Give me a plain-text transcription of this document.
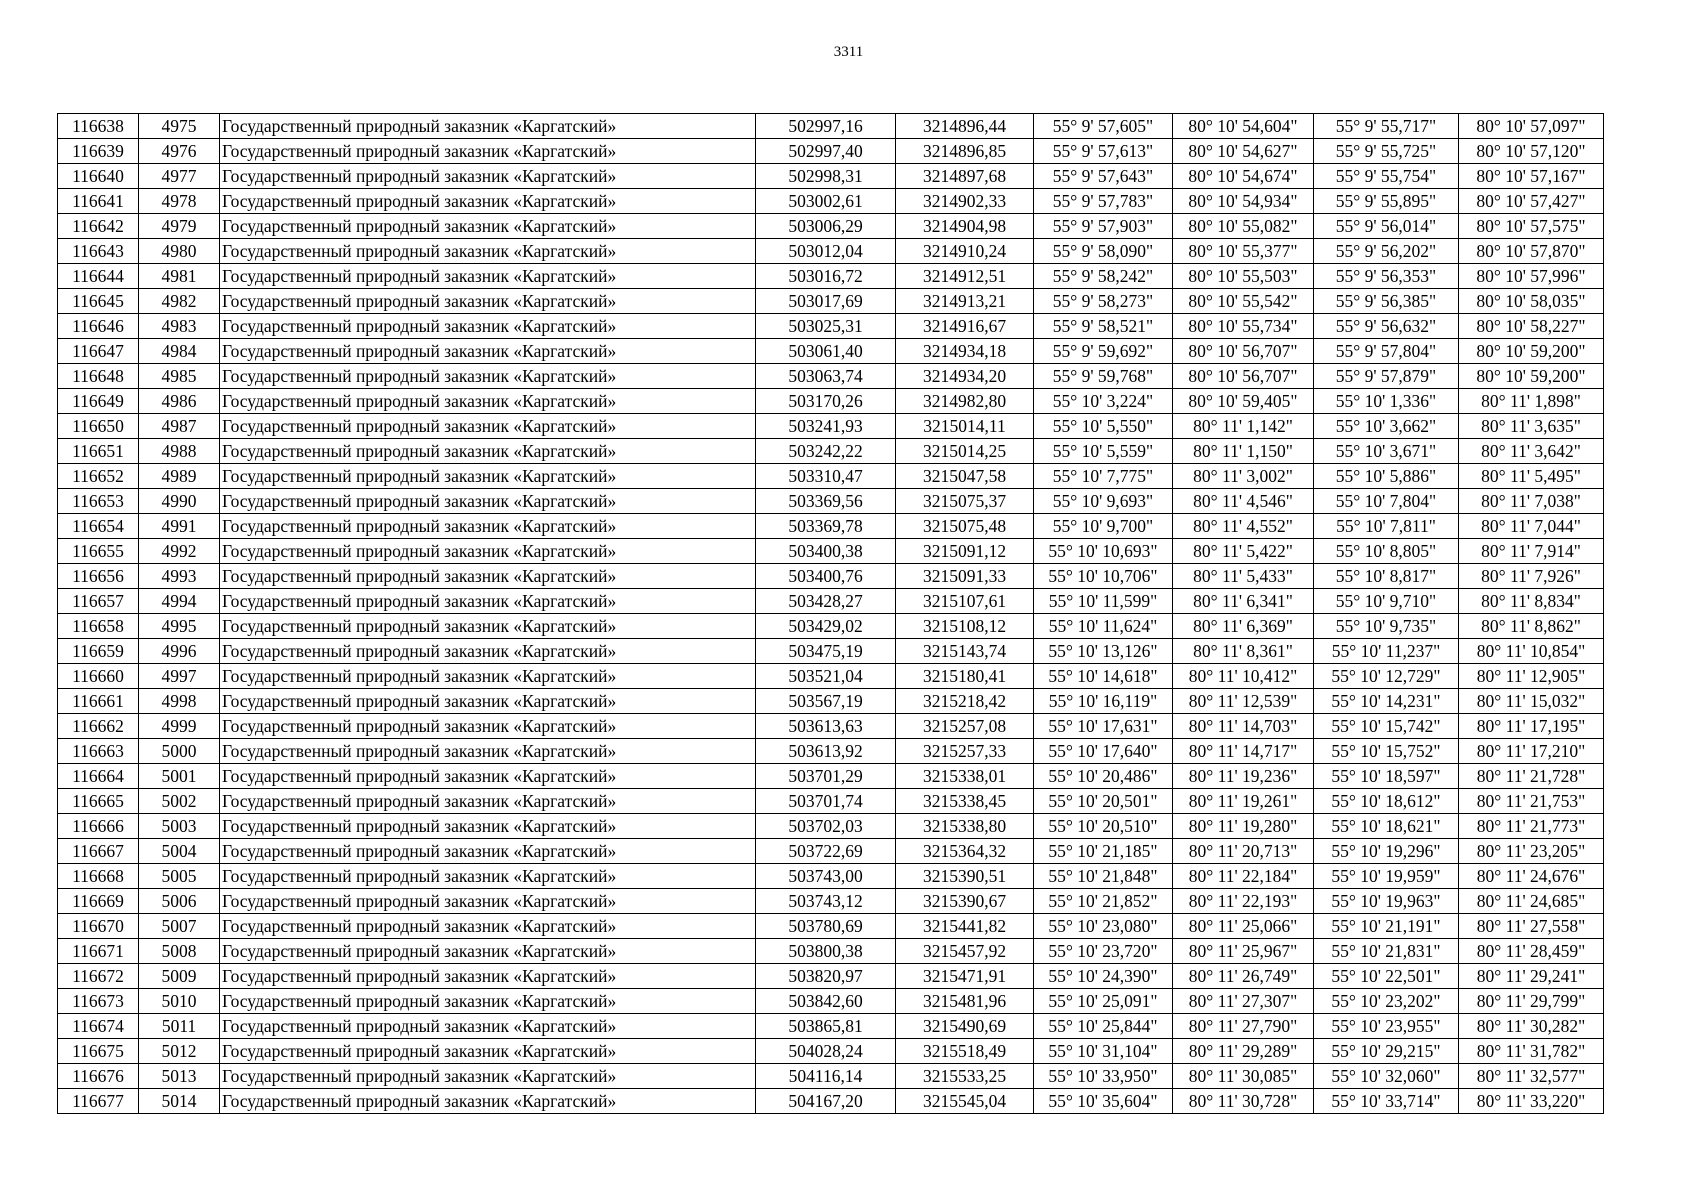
3311
116638	4975	Государственный природный заказник «Каргатский»	502997,16	3214896,44	55° 9' 57,605"	80° 10' 54,604"	55° 9' 55,717"	80° 10' 57,097"
116639	4976	Государственный природный заказник «Каргатский»	502997,40	3214896,85	55° 9' 57,613"	80° 10' 54,627"	55° 9' 55,725"	80° 10' 57,120"
116640	4977	Государственный природный заказник «Каргатский»	502998,31	3214897,68	55° 9' 57,643"	80° 10' 54,674"	55° 9' 55,754"	80° 10' 57,167"
116641	4978	Государственный природный заказник «Каргатский»	503002,61	3214902,33	55° 9' 57,783"	80° 10' 54,934"	55° 9' 55,895"	80° 10' 57,427"
116642	4979	Государственный природный заказник «Каргатский»	503006,29	3214904,98	55° 9' 57,903"	80° 10' 55,082"	55° 9' 56,014"	80° 10' 57,575"
116643	4980	Государственный природный заказник «Каргатский»	503012,04	3214910,24	55° 9' 58,090"	80° 10' 55,377"	55° 9' 56,202"	80° 10' 57,870"
116644	4981	Государственный природный заказник «Каргатский»	503016,72	3214912,51	55° 9' 58,242"	80° 10' 55,503"	55° 9' 56,353"	80° 10' 57,996"
116645	4982	Государственный природный заказник «Каргатский»	503017,69	3214913,21	55° 9' 58,273"	80° 10' 55,542"	55° 9' 56,385"	80° 10' 58,035"
116646	4983	Государственный природный заказник «Каргатский»	503025,31	3214916,67	55° 9' 58,521"	80° 10' 55,734"	55° 9' 56,632"	80° 10' 58,227"
116647	4984	Государственный природный заказник «Каргатский»	503061,40	3214934,18	55° 9' 59,692"	80° 10' 56,707"	55° 9' 57,804"	80° 10' 59,200"
116648	4985	Государственный природный заказник «Каргатский»	503063,74	3214934,20	55° 9' 59,768"	80° 10' 56,707"	55° 9' 57,879"	80° 10' 59,200"
116649	4986	Государственный природный заказник «Каргатский»	503170,26	3214982,80	55° 10' 3,224"	80° 10' 59,405"	55° 10' 1,336"	80° 11' 1,898"
116650	4987	Государственный природный заказник «Каргатский»	503241,93	3215014,11	55° 10' 5,550"	80° 11' 1,142"	55° 10' 3,662"	80° 11' 3,635"
116651	4988	Государственный природный заказник «Каргатский»	503242,22	3215014,25	55° 10' 5,559"	80° 11' 1,150"	55° 10' 3,671"	80° 11' 3,642"
116652	4989	Государственный природный заказник «Каргатский»	503310,47	3215047,58	55° 10' 7,775"	80° 11' 3,002"	55° 10' 5,886"	80° 11' 5,495"
116653	4990	Государственный природный заказник «Каргатский»	503369,56	3215075,37	55° 10' 9,693"	80° 11' 4,546"	55° 10' 7,804"	80° 11' 7,038"
116654	4991	Государственный природный заказник «Каргатский»	503369,78	3215075,48	55° 10' 9,700"	80° 11' 4,552"	55° 10' 7,811"	80° 11' 7,044"
116655	4992	Государственный природный заказник «Каргатский»	503400,38	3215091,12	55° 10' 10,693"	80° 11' 5,422"	55° 10' 8,805"	80° 11' 7,914"
116656	4993	Государственный природный заказник «Каргатский»	503400,76	3215091,33	55° 10' 10,706"	80° 11' 5,433"	55° 10' 8,817"	80° 11' 7,926"
116657	4994	Государственный природный заказник «Каргатский»	503428,27	3215107,61	55° 10' 11,599"	80° 11' 6,341"	55° 10' 9,710"	80° 11' 8,834"
116658	4995	Государственный природный заказник «Каргатский»	503429,02	3215108,12	55° 10' 11,624"	80° 11' 6,369"	55° 10' 9,735"	80° 11' 8,862"
116659	4996	Государственный природный заказник «Каргатский»	503475,19	3215143,74	55° 10' 13,126"	80° 11' 8,361"	55° 10' 11,237"	80° 11' 10,854"
116660	4997	Государственный природный заказник «Каргатский»	503521,04	3215180,41	55° 10' 14,618"	80° 11' 10,412"	55° 10' 12,729"	80° 11' 12,905"
116661	4998	Государственный природный заказник «Каргатский»	503567,19	3215218,42	55° 10' 16,119"	80° 11' 12,539"	55° 10' 14,231"	80° 11' 15,032"
116662	4999	Государственный природный заказник «Каргатский»	503613,63	3215257,08	55° 10' 17,631"	80° 11' 14,703"	55° 10' 15,742"	80° 11' 17,195"
116663	5000	Государственный природный заказник «Каргатский»	503613,92	3215257,33	55° 10' 17,640"	80° 11' 14,717"	55° 10' 15,752"	80° 11' 17,210"
116664	5001	Государственный природный заказник «Каргатский»	503701,29	3215338,01	55° 10' 20,486"	80° 11' 19,236"	55° 10' 18,597"	80° 11' 21,728"
116665	5002	Государственный природный заказник «Каргатский»	503701,74	3215338,45	55° 10' 20,501"	80° 11' 19,261"	55° 10' 18,612"	80° 11' 21,753"
116666	5003	Государственный природный заказник «Каргатский»	503702,03	3215338,80	55° 10' 20,510"	80° 11' 19,280"	55° 10' 18,621"	80° 11' 21,773"
116667	5004	Государственный природный заказник «Каргатский»	503722,69	3215364,32	55° 10' 21,185"	80° 11' 20,713"	55° 10' 19,296"	80° 11' 23,205"
116668	5005	Государственный природный заказник «Каргатский»	503743,00	3215390,51	55° 10' 21,848"	80° 11' 22,184"	55° 10' 19,959"	80° 11' 24,676"
116669	5006	Государственный природный заказник «Каргатский»	503743,12	3215390,67	55° 10' 21,852"	80° 11' 22,193"	55° 10' 19,963"	80° 11' 24,685"
116670	5007	Государственный природный заказник «Каргатский»	503780,69	3215441,82	55° 10' 23,080"	80° 11' 25,066"	55° 10' 21,191"	80° 11' 27,558"
116671	5008	Государственный природный заказник «Каргатский»	503800,38	3215457,92	55° 10' 23,720"	80° 11' 25,967"	55° 10' 21,831"	80° 11' 28,459"
116672	5009	Государственный природный заказник «Каргатский»	503820,97	3215471,91	55° 10' 24,390"	80° 11' 26,749"	55° 10' 22,501"	80° 11' 29,241"
116673	5010	Государственный природный заказник «Каргатский»	503842,60	3215481,96	55° 10' 25,091"	80° 11' 27,307"	55° 10' 23,202"	80° 11' 29,799"
116674	5011	Государственный природный заказник «Каргатский»	503865,81	3215490,69	55° 10' 25,844"	80° 11' 27,790"	55° 10' 23,955"	80° 11' 30,282"
116675	5012	Государственный природный заказник «Каргатский»	504028,24	3215518,49	55° 10' 31,104"	80° 11' 29,289"	55° 10' 29,215"	80° 11' 31,782"
116676	5013	Государственный природный заказник «Каргатский»	504116,14	3215533,25	55° 10' 33,950"	80° 11' 30,085"	55° 10' 32,060"	80° 11' 32,577"
116677	5014	Государственный природный заказник «Каргатский»	504167,20	3215545,04	55° 10' 35,604"	80° 11' 30,728"	55° 10' 33,714"	80° 11' 33,220"
